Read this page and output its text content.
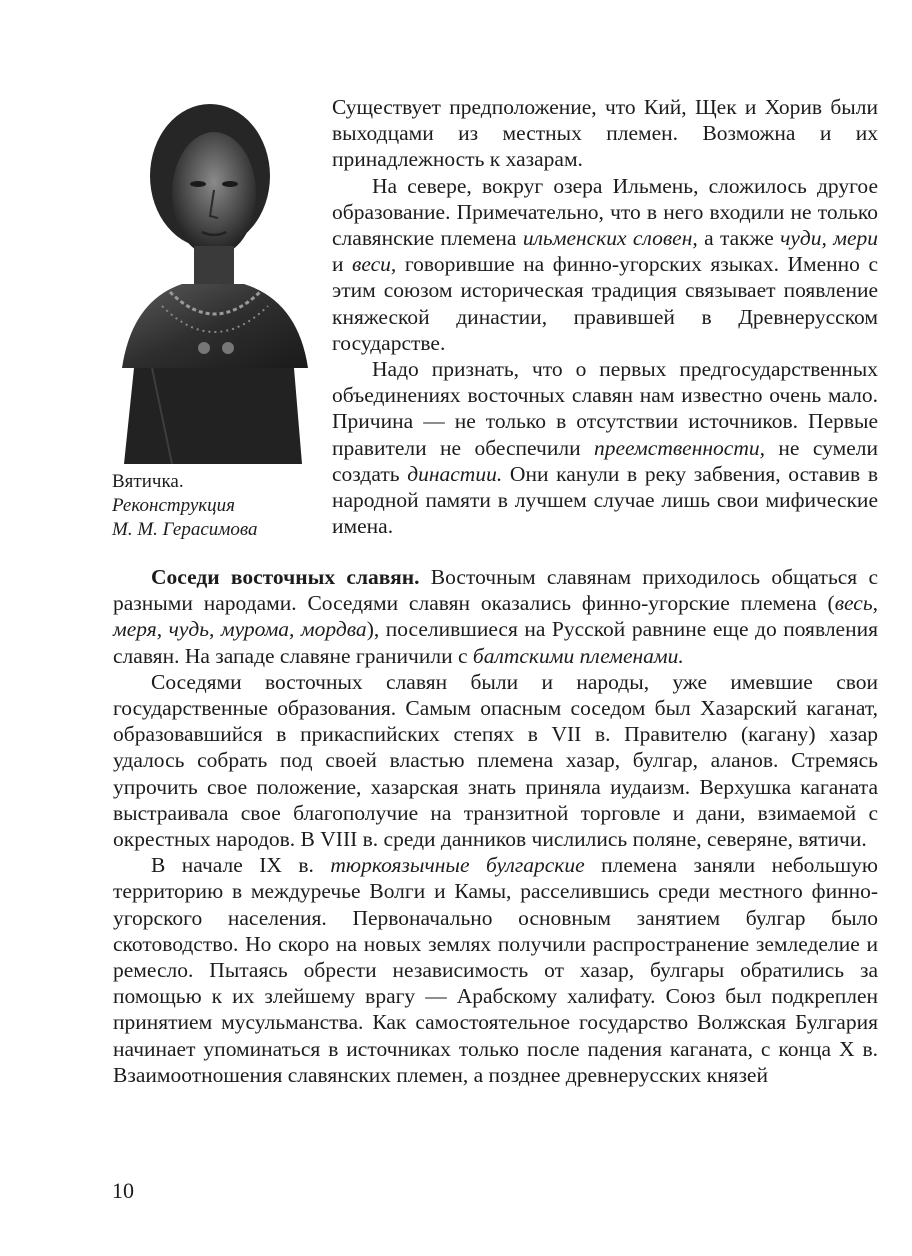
Вятичка.
Реконструкция
М. М. Герасимова

Существует предположение, что Кий, Щек и Хорив были выходцами из местных племен. Возможна и их принадлежность к хазарам.

На севере, вокруг озера Ильмень, сложилось другое образование. Примечательно, что в него входили не только славянские племена ильменских словен, а также чуди, мери и веси, говорившие на финно-угорских языках. Именно с этим союзом историческая традиция связывает появление княжеской династии, правившей в Древнерусском государстве.

Надо признать, что о первых предгосударственных объединениях восточных славян нам известно очень мало. Причина — не только в отсутствии источников. Первые правители не обеспечили преемственности, не сумели создать династии. Они канули в реку забвения, оставив в народной памяти в лучшем случае лишь свои мифические имена.

Соседи восточных славян. Восточным славянам приходилось общаться с разными народами. Соседями славян оказались финно-угорские племена (весь, меря, чудь, мурома, мордва), поселившиеся на Русской равнине еще до появления славян. На западе славяне граничили с балтскими племенами.

Соседями восточных славян были и народы, уже имевшие свои государственные образования. Самым опасным соседом был Хазарский каганат, образовавшийся в прикаспийских степях в VII в. Правителю (кагану) хазар удалось собрать под своей властью племена хазар, булгар, аланов. Стремясь упрочить свое положение, хазарская знать приняла иудаизм. Верхушка каганата выстраивала свое благополучие на транзитной торговле и дани, взимаемой с окрестных народов. В VIII в. среди данников числились поляне, северяне, вятичи.

В начале IX в. тюркоязычные булгарские племена заняли небольшую территорию в междуречье Волги и Камы, расселившись среди местного финно-угорского населения. Первоначально основным занятием булгар было скотоводство. Но скоро на новых землях получили распространение земледелие и ремесло. Пытаясь обрести независимость от хазар, булгары обратились за помощью к их злейшему врагу — Арабскому халифату. Союз был подкреплен принятием мусульманства. Как самостоятельное государство Волжская Булгария начинает упоминаться в источниках только после падения каганата, с конца X в. Взаимоотношения славянских племен, а позднее древнерусских князей

10
